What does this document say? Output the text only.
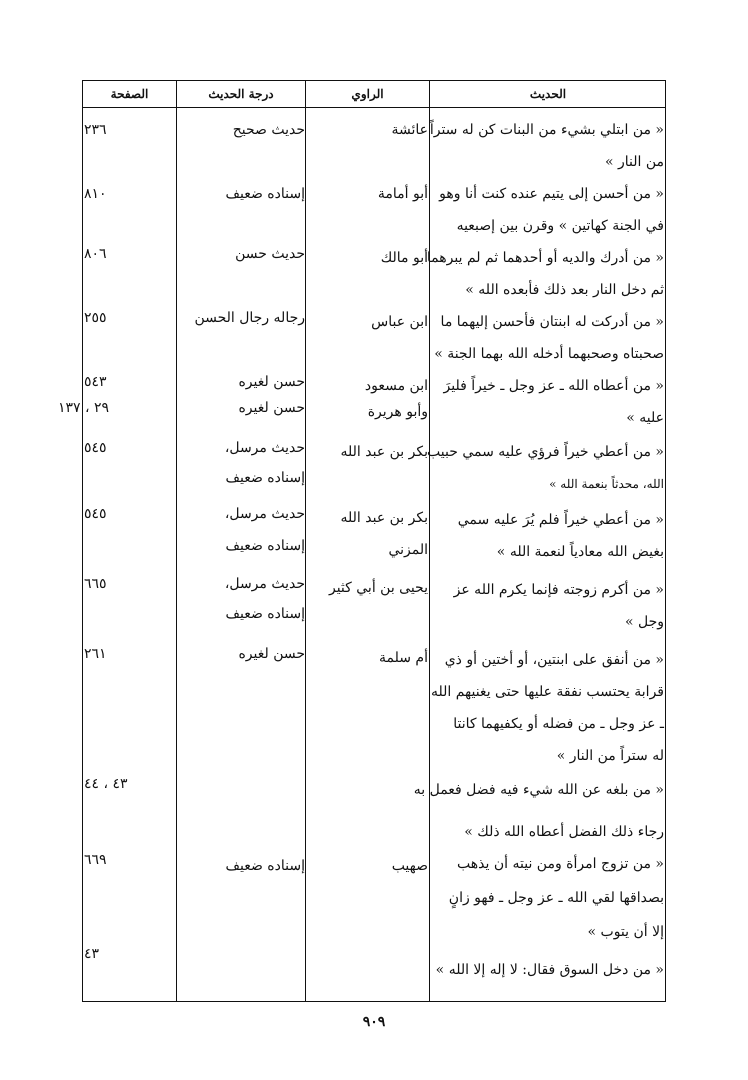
الحديث
الراوي
درجة الحديث
الصفحة
« من ابتلي بشيء من البنات كن له ستراً
من النار »
عائشة
حديث صحيح
٢٣٦
« من أحسن إلى يتيم عنده كنت أنا وهو
في الجنة كهاتين » وقرن بين إصبعيه
أبو أمامة
إسناده ضعيف
٨١٠
« من أدرك والديه أو أحدهما ثم لم يبرهما
ثم دخل النار بعد ذلك فأبعده الله »
أبو مالك
حديث حسن
٨٠٦
« من أدركت له ابنتان فأحسن إليهما ما
صحبتاه وصحبهما أدخله الله بهما الجنة »
ابن عباس
رجاله رجال الحسن
٢٥٥
« من أعطاه الله ـ عز وجل ـ خيراً فليرَ
عليه »
ابن مسعود
وأبو هريرة
حسن لغيره
حسن لغيره
٥٤٣
٢٩ ، ١٣٧
« من أعطي خيراً فرؤي عليه سمي حبيب
الله، محدثاً بنعمة الله »
بكر بن عبد الله
حديث مرسل،
إسناده ضعيف
٥٤٥
« من أعطي خيراً فلم يُرَ عليه سمي
بغيض الله معادياً لنعمة الله »
بكر بن عبد الله
المزني
حديث مرسل،
إسناده ضعيف
٥٤٥
« من أكرم زوجته فإنما يكرم الله عز
وجل »
يحيى بن أبي كثير
حديث مرسل،
إسناده ضعيف
٦٦٥
« من أنفق على ابنتين، أو أختين أو ذي
قرابة يحتسب نفقة عليها حتى يغنيهم الله
ـ عز وجل ـ من فضله أو يكفيهما كانتا
له ستراً من النار »
أم سلمة
حسن لغيره
٢٦١
« من بلغه عن الله شيء فيه فضل فعمل به
رجاء ذلك الفضل أعطاه الله ذلك »
٤٣ ، ٤٤
« من تزوج امرأة ومن نيته أن يذهب
بصداقها لقي الله ـ عز وجل ـ فهو زانٍ
إلا أن يتوب »
صهيب
إسناده ضعيف
٦٦٩
« من دخل السوق فقال: لا إله إلا الله »
٤٣
٩٠٩
